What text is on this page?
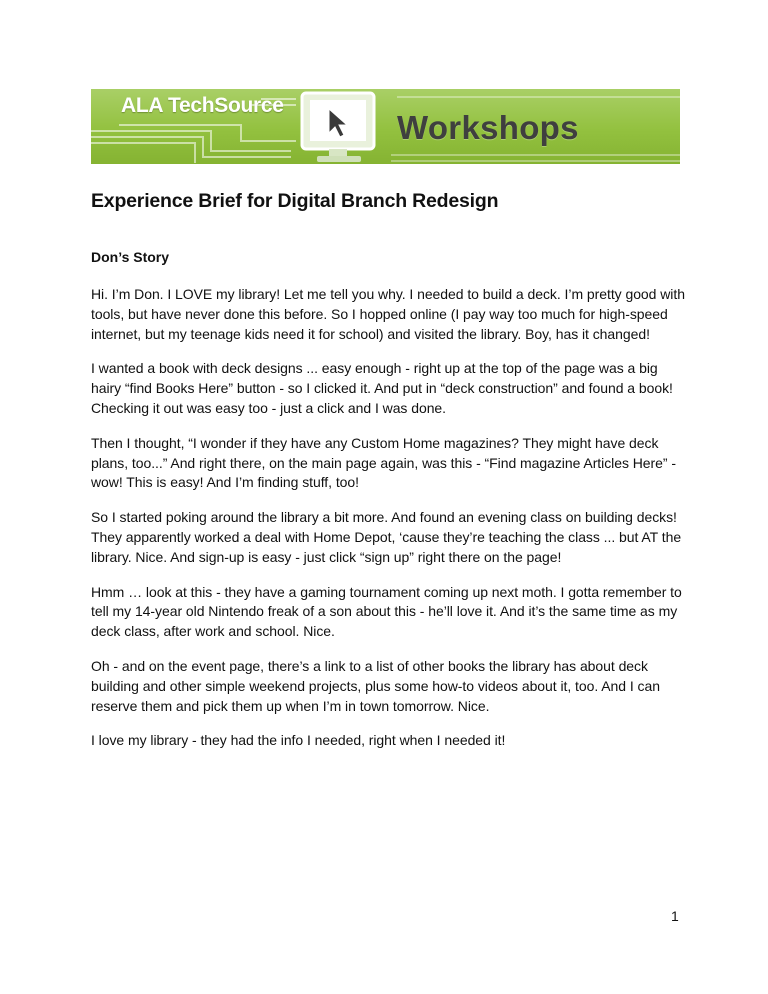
ALA TechSource
Workshops
Experience Brief for Digital Branch Redesign
Don’s Story

Hi. I’m Don. I LOVE my library! Let me tell you why. I needed to build a deck. I’m pretty good with tools, but have never done this before. So I hopped online (I pay way too much for high-speed internet, but my teenage kids need it for school) and visited the library. Boy, has it changed!

I wanted a book with deck designs ... easy enough - right up at the top of the page was a big hairy “find Books Here” button - so I clicked it. And put in “deck construction” and found a book! Checking it out was easy too - just a click and I was done.

Then I thought, “I wonder if they have any Custom Home magazines? They might have deck plans, too...” And right there, on the main page again, was this - “Find magazine Articles Here” - wow! This is easy! And I’m finding stuff, too!

So I started poking around the library a bit more. And found an evening class on building decks! They apparently worked a deal with Home Depot, ‘cause they’re teaching the class ... but AT the library. Nice. And sign-up is easy - just click “sign up” right there on the page!

Hmm … look at this - they have a gaming tournament coming up next moth. I gotta remember to tell my 14-year old Nintendo freak of a son about this - he’ll love it. And it’s the same time as my deck class, after work and school. Nice.

Oh - and on the event page, there’s a link to a list of other books the library has about deck building and other simple weekend projects, plus some how-to videos about it, too. And I can reserve them and pick them up when I’m in town tomorrow. Nice.

I love my library - they had the info I needed, right when I needed it!

1
